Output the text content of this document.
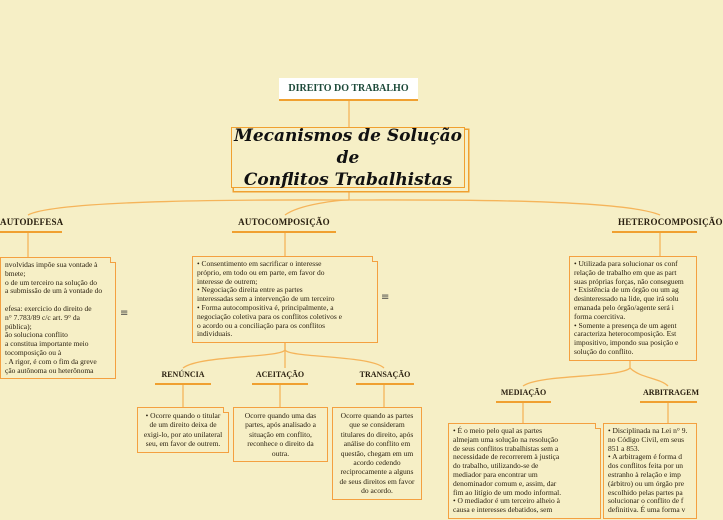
DIREITO DO TRABALHO
Mecanismos de Solução de
Conflitos Trabalhistas
AUTODEFESA	AUTOCOMPOSIÇÃO	HETEROCOMPOSIÇÃO
nvolvidas impõe sua vontade à
bmete;
o de um terceiro na solução do
a submissão de um à vontade do
efesa: exercicio do direito de
n° 7.783/89 c/c art. 9° da
pública);
ão soluciona conflito
a constitua importante meio
tocomposição ou à
. A rigor, é com o fim da greve
ção autônoma ou heterônoma
≡
• Consentimento em sacrificar o interesse
próprio, em todo ou em parte, em favor do
interesse de outrem;
• Negociação direita entre as partes
interessadas sem a intervenção de um terceiro
• Forma autocompositiva é, principalmente, a
negociação coletiva para os conflitos coletivos e
o acordo ou a conciliação para os conflitos
individuais.
≡
• Utilizada para solucionar os conf
relação de trabalho em que as part
suas próprias forças, não conseguem
• Existência de um órgão ou um ag
desinteressado na lide, que irá solu
emanada pelo órgão/agente será i
forma coercitiva.
• Somente a presença de um agent
caracteriza heterocomposição. Est
impositivo, impondo sua posição e
solução do conflito.
RENÚNCIA	ACEITAÇÃO	TRANSAÇÃO
• Ocorre quando o titular de um direito deixa de exigi-lo, por ato unilateral seu, em favor de outrem.
Ocorre quando uma das partes, após analisado a situação em conflito, reconhece o direito da outra.
Ocorre quando as partes que se consideram titulares do direito, após análise do conflito em questão, chegam em um acordo cedendo reciprocamente a alguns de seus direitos em favor do acordo.
MEDIAÇÃO	ARBITRAGEM
• É o meio pelo qual as partes
almejam uma solução na resolução
de seus conflitos trabalhistas sem a
necessidade de recorrerem à justiça
do trabalho, utilizando-se de
mediador para encontrar um
denominador comum e, assim, dar
fim ao litígio de um modo informal.
• O mediador é um terceiro alheio à
causa e interesses debatidos, sem
• Disciplinada na Lei n° 9.
no Código Civil, em seus
851 a 853.
• A arbitragem é forma d
dos conflitos feita por un
estranho à relação e imp
(árbitro) ou um órgão pre
escolhido pelas partes pa
solucionar o conflito de f
definitiva. É uma forma v
